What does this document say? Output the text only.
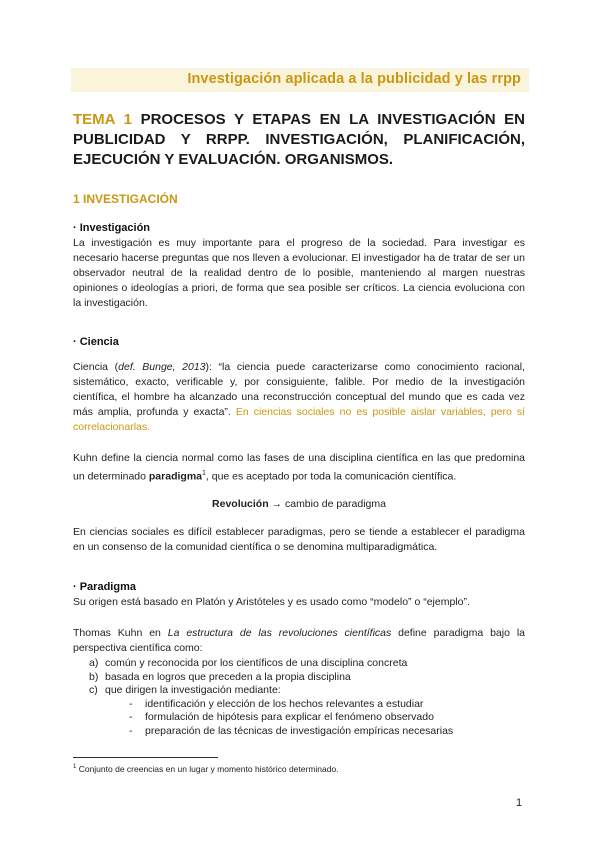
Investigación aplicada a la publicidad y las rrpp
TEMA 1 PROCESOS Y ETAPAS EN LA INVESTIGACIÓN EN PUBLICIDAD Y RRPP. INVESTIGACIÓN, PLANIFICACIÓN, EJECUCIÓN Y EVALUACIÓN. ORGANISMOS.
1 INVESTIGACIÓN
· Investigación
La investigación es muy importante para el progreso de la sociedad. Para investigar es necesario hacerse preguntas que nos lleven a evolucionar. El investigador ha de tratar de ser un observador neutral de la realidad dentro de lo posible, manteniendo al margen nuestras opiniones o ideologías a priori, de forma que sea posible ser críticos. La ciencia evoluciona con la investigación.
· Ciencia
Ciencia (def. Bunge, 2013): “la ciencia puede caracterizarse como conocimiento racional, sistemático, exacto, verificable y, por consiguiente, falible. Por medio de la investigación científica, el hombre ha alcanzado una reconstrucción conceptual del mundo que es cada vez más amplia, profunda y exacta”. En ciencias sociales no es posible aislar variables, pero sí correlacionarlas.
Kuhn define la ciencia normal como las fases de una disciplina científica en las que predomina un determinado paradigma$^1$, que es aceptado por toda la comunicación científica.
Revolución → cambio de paradigma
En ciencias sociales es difícil establecer paradigmas, pero se tiende a establecer el paradigma en un consenso de la comunidad científica o se denomina multiparadigmática.
· Paradigma
Su origen está basado en Platón y Aristóteles y es usado como “modelo” o “ejemplo”.
Thomas Kuhn en La estructura de las revoluciones científicas define paradigma bajo la perspectiva científica como:
a) común y reconocida por los científicos de una disciplina concreta
b) basada en logros que preceden a la propia disciplina
c) que dirigen la investigación mediante:
- identificación y elección de los hechos relevantes a estudiar
- formulación de hipótesis para explicar el fenómeno observado
- preparación de las técnicas de investigación empíricas necesarias
$^1$ Conjunto de creencias en un lugar y momento histórico determinado.
1
